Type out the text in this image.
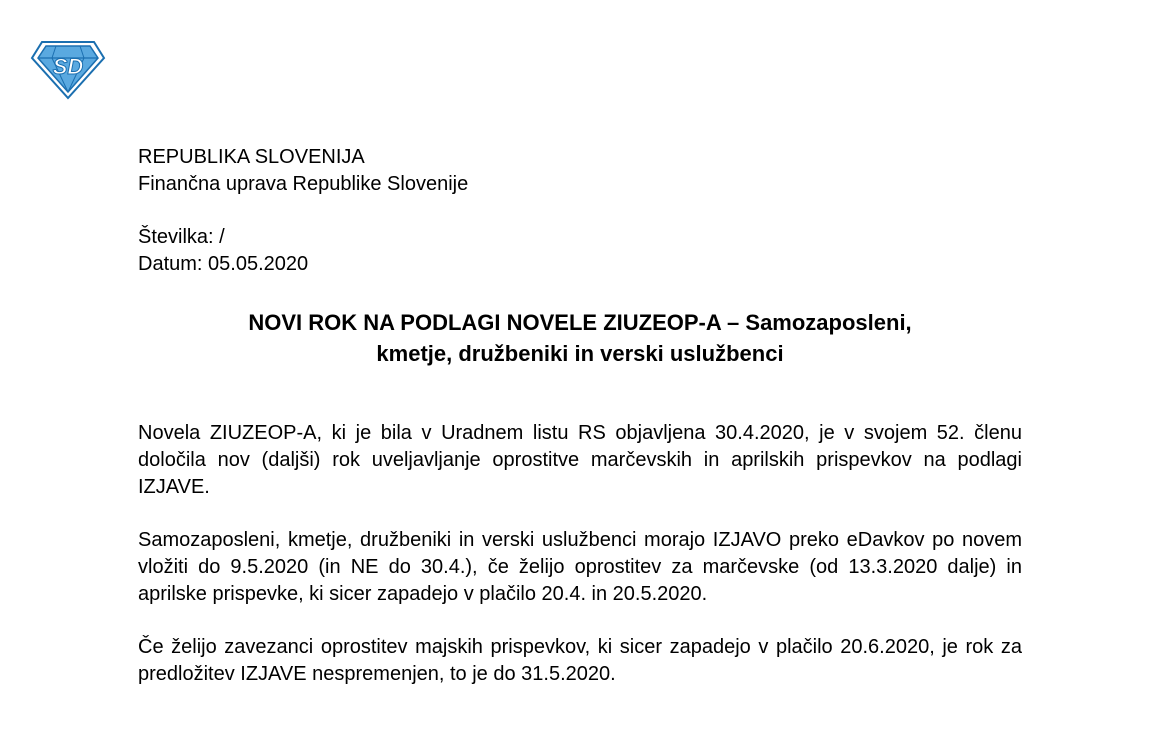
SD
REPUBLIKA SLOVENIJA
Finančna uprava Republike Slovenije
Številka: /
Datum: 05.05.2020
NOVI ROK NA PODLAGI NOVELE ZIUZEOP-A – Samozaposleni,
kmetje, družbeniki in verski uslužbenci

Novela ZIUZEOP-A, ki je bila v Uradnem listu RS objavljena 30.4.2020, je v svojem 52. členu določila nov (daljši) rok uveljavljanje oprostitve marčevskih in aprilskih prispevkov na podlagi IZJAVE.

Samozaposleni, kmetje, družbeniki in verski uslužbenci morajo IZJAVO preko eDavkov po novem vložiti do 9.5.2020 (in NE do 30.4.), če želijo oprostitev za marčevske (od 13.3.2020 dalje) in aprilske prispevke, ki sicer zapadejo v plačilo 20.4. in 20.5.2020.

Če želijo zavezanci oprostitev majskih prispevkov, ki sicer zapadejo v plačilo 20.6.2020, je rok za predložitev IZJAVE nespremenjen, to je do 31.5.2020.
